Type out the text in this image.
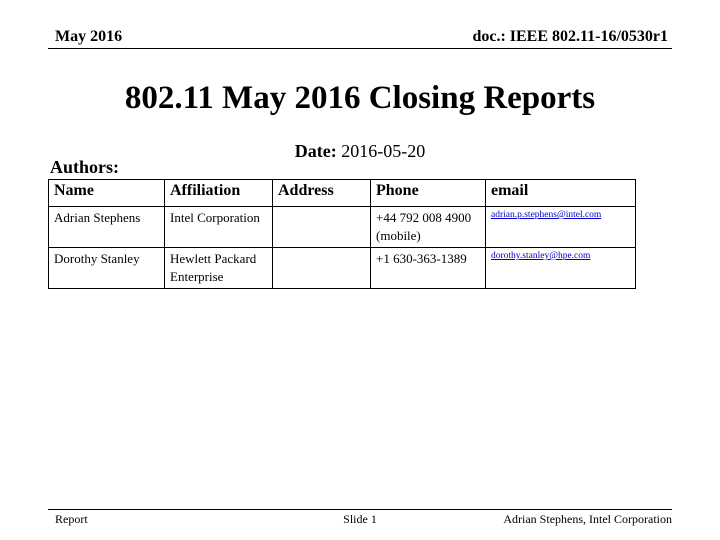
May 2016	doc.: IEEE 802.11-16/0530r1
802.11 May 2016 Closing Reports
Date: 2016-05-20
Authors:
Name	Affiliation	Address	Phone	email
Adrian Stephens	Intel Corporation		+44 792 008 4900 (mobile)	adrian.p.stephens@intel.com
Dorothy Stanley	Hewlett Packard Enterprise		+1 630-363-1389	dorothy.stanley@hpe.com
Report	Slide 1	Adrian Stephens, Intel Corporation
